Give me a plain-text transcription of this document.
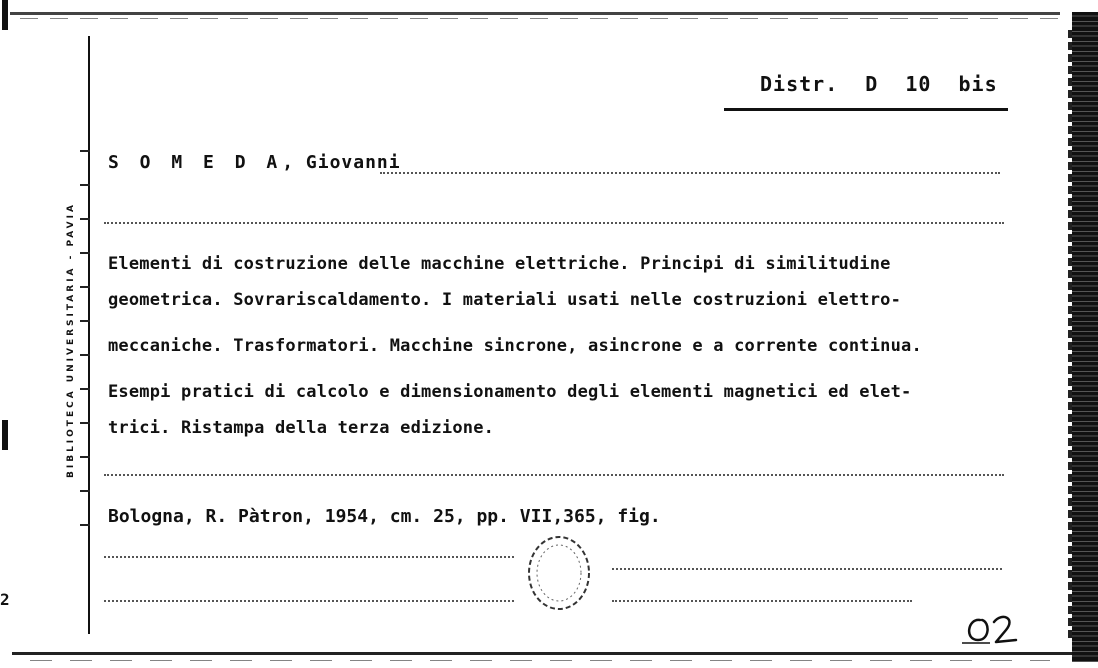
2
BIBLIOTECA UNIVERSITARIA - PAVIA
Distr. D 10 bis
S O M E D A, Giovanni
Elementi di costruzione delle macchine elettriche. Principi di similitudine
geometrica. Sovrariscaldamento. I materiali usati nelle costruzioni elettro-
meccaniche. Trasformatori. Macchine sincrone, asincrone e a corrente continua.
Esempi pratici di calcolo e dimensionamento degli elementi magnetici ed elet-
trici. Ristampa della terza edizione.
Bologna, R. Pàtron, 1954, cm. 25, pp. VII,365, fig.
